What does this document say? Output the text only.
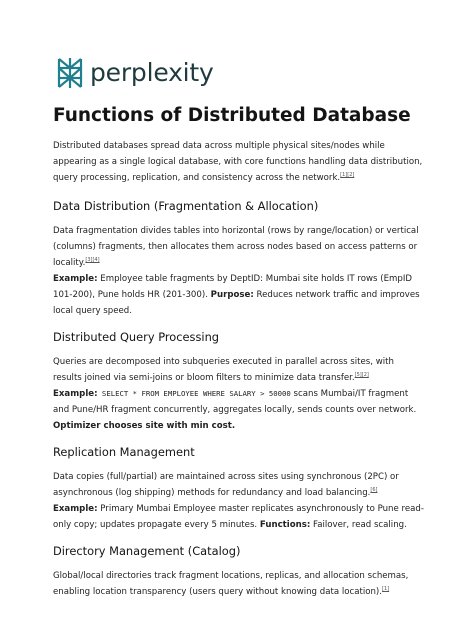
perplexity
Functions of Distributed Database

Distributed databases spread data across multiple physical sites/nodes while appearing as a single logical database, with core functions handling data distribution, query processing, replication, and consistency across the network.[1][2]

Data Distribution (Fragmentation & Allocation)

Data fragmentation divides tables into horizontal (rows by range/location) or vertical (columns) fragments, then allocates them across nodes based on access patterns or locality.[3][4]

Example: Employee table fragments by DeptID: Mumbai site holds IT rows (EmpID 101-200), Pune holds HR (201-300). Purpose: Reduces network traffic and improves local query speed.

Distributed Query Processing

Queries are decomposed into subqueries executed in parallel across sites, with results joined via semi-joins or bloom filters to minimize data transfer.[5][2]

Example: SELECT * FROM EMPLOYEE WHERE SALARY > 50000 scans Mumbai/IT fragment and Pune/HR fragment concurrently, aggregates locally, sends counts over network.

Optimizer chooses site with min cost.

Replication Management

Data copies (full/partial) are maintained across sites using synchronous (2PC) or asynchronous (log shipping) methods for redundancy and load balancing.[6]

Example: Primary Mumbai Employee master replicates asynchronously to Pune read-only copy; updates propagate every 5 minutes. Functions: Failover, read scaling.

Directory Management (Catalog)

Global/local directories track fragment locations, replicas, and allocation schemas, enabling location transparency (users query without knowing data location).[1]
